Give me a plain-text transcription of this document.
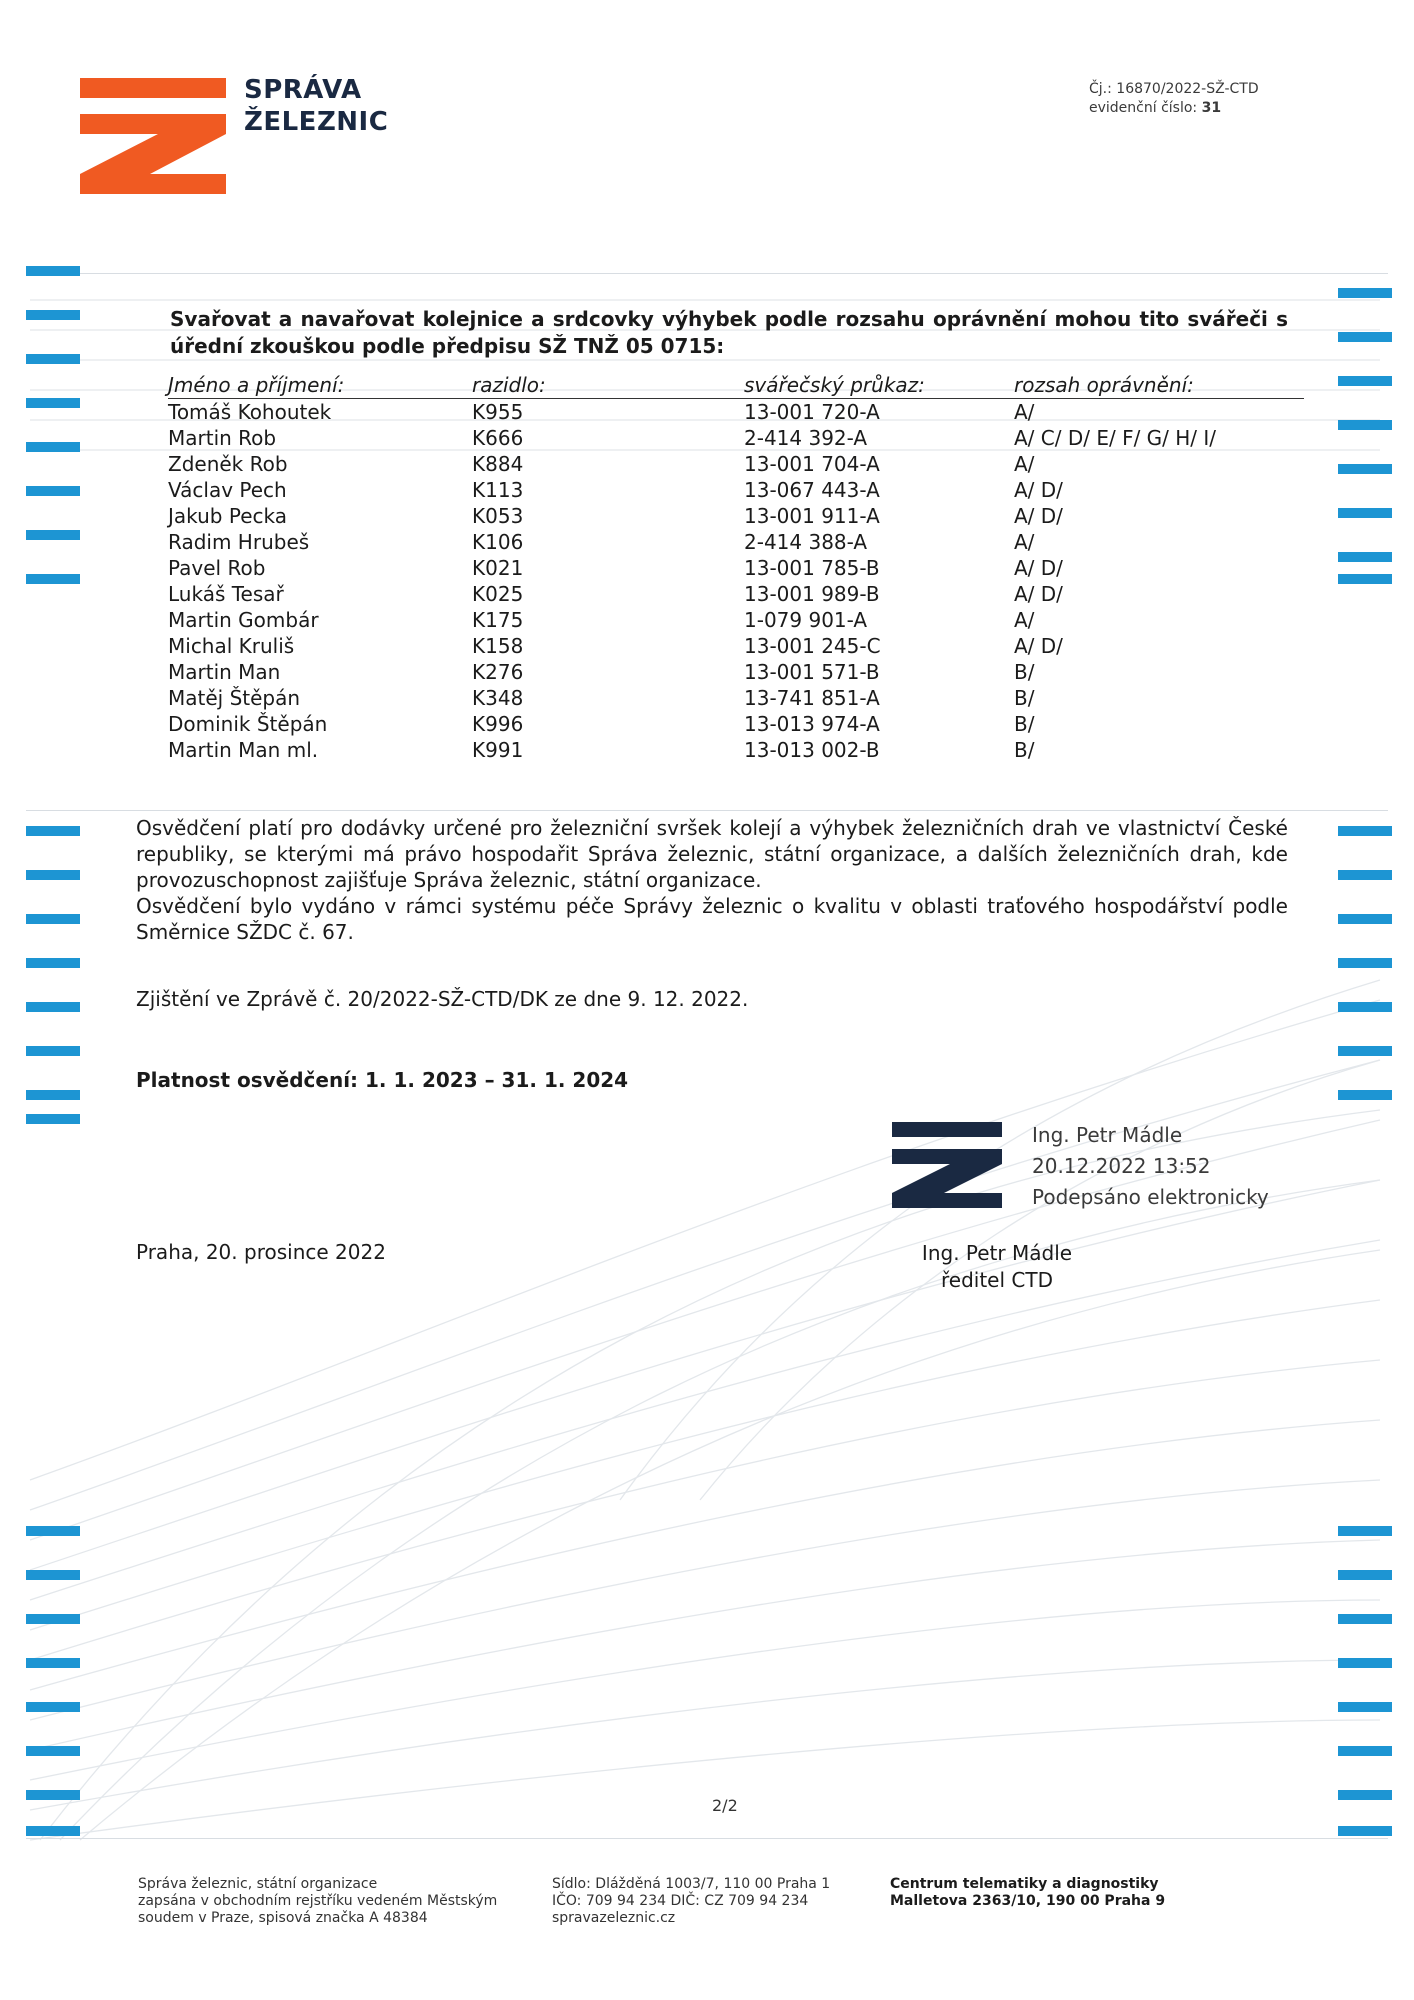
SPRÁVA
ŽELEZNIC
Čj.: 16870/2022-SŽ-CTD
evidenční číslo: 31
Svařovat a navařovat kolejnice a srdcovky výhybek podle rozsahu oprávnění mohou tito svářeči s úřední zkouškou podle předpisu SŽ TNŽ 05 0715:
Jméno a příjmení:	razidlo:	svářečský průkaz:	rozsah oprávnění:
Tomáš Kohoutek	K955	13-001 720-A	A/
Martin Rob	K666	2-414 392-A	A/ C/ D/ E/ F/ G/ H/ I/
Zdeněk Rob	K884	13-001 704-A	A/
Václav Pech	K113	13-067 443-A	A/ D/
Jakub Pecka	K053	13-001 911-A	A/ D/
Radim Hrubeš	K106	2-414 388-A	A/
Pavel Rob	K021	13-001 785-B	A/ D/
Lukáš Tesař	K025	13-001 989-B	A/ D/
Martin Gombár	K175	1-079 901-A	A/
Michal Kruliš	K158	13-001 245-C	A/ D/
Martin Man	K276	13-001 571-B	B/
Matěj Štěpán	K348	13-741 851-A	B/
Dominik Štěpán	K996	13-013 974-A	B/
Martin Man ml.	K991	13-013 002-B	B/
Osvědčení platí pro dodávky určené pro železniční svršek kolejí a výhybek železničních drah ve vlastnictví České republiky, se kterými má právo hospodařit Správa železnic, státní organizace, a dalších železničních drah, kde provozuschopnost zajišťuje Správa železnic, státní organizace.
Osvědčení bylo vydáno v rámci systému péče Správy železnic o kvalitu v oblasti traťového hospodářství podle Směrnice SŽDC č. 67.
Zjištění ve Zprávě č. 20/2022-SŽ-CTD/DK ze dne 9. 12. 2022.
Platnost osvědčení: 1. 1. 2023 – 31. 1. 2024
Ing. Petr Mádle
20.12.2022 13:52
Podepsáno elektronicky
Praha, 20. prosince 2022	Ing. Petr Mádle
ředitel CTD
2/2
Správa železnic, státní organizace
zapsána v obchodním rejstříku vedeném Městským
soudem v Praze, spisová značka A 48384
Sídlo: Dlážděná 1003/7, 110 00 Praha 1
IČO: 709 94 234 DIČ: CZ 709 94 234
spravazeleznic.cz
Centrum telematiky a diagnostiky
Malletova 2363/10, 190 00 Praha 9
